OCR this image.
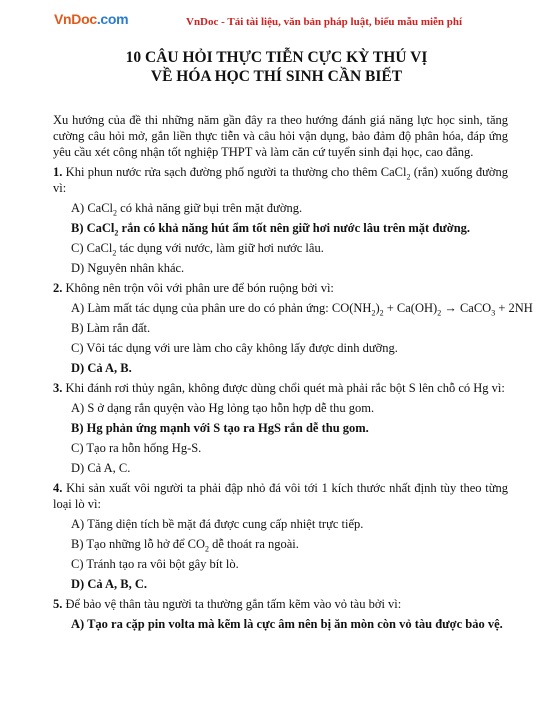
VnDoc.com	VnDoc - Tải tài liệu, văn bản pháp luật, biểu mẫu miễn phí
10 CÂU HỎI THỰC TIỄN CỰC KỲ THÚ VỊ
VỀ HÓA HỌC THÍ SINH CẦN BIẾT

Xu hướng của đề thi những năm gần đây ra theo hướng đánh giá năng lực học sinh, tăng cường câu hỏi mở, gắn liền thực tiễn và câu hỏi vận dụng, bảo đảm độ phân hóa, đáp ứng yêu cầu xét công nhận tốt nghiệp THPT và làm căn cứ tuyển sinh đại học, cao đẳng.

1. Khi phun nước rửa sạch đường phố người ta thường cho thêm CaCl$_2$ (rắn) xuống đường vì:

A) CaCl$_2$ có khả năng giữ bụi trên mặt đường.
B) CaCl$_2$ rắn có khả năng hút ẩm tốt nên giữ hơi nước lâu trên mặt đường.
C) CaCl$_2$ tác dụng với nước, làm giữ hơi nước lâu.
D) Nguyên nhân khác.

2. Không nên trộn vôi với phân ure để bón ruộng bởi vì:

A) Làm mất tác dụng của phân ure do có phản ứng: $CO(NH_2)_2 + Ca(OH)_2$ → CaCO$_3$ + 2NH
B) Làm rắn đất.
C) Vôi tác dụng với ure làm cho cây không lấy được dinh dưỡng.
D) Cả A, B.

3. Khi đánh rơi thủy ngân, không được dùng chổi quét mà phải rắc bột S lên chỗ có Hg vì:

A) S ở dạng rắn quyện vào Hg lỏng tạo hỗn hợp dễ thu gom.
B) Hg phản ứng mạnh với S tạo ra HgS rắn dễ thu gom.
C) Tạo ra hỗn hống Hg-S.
D) Cả A, C.

4. Khi sản xuất vôi người ta phải đập nhỏ đá vôi tới 1 kích thước nhất định tùy theo từng loại lò vì:

A) Tăng diện tích bề mặt đá được cung cấp nhiệt trực tiếp.
B) Tạo những lỗ hở để $CO_2$ dễ thoát ra ngoài.
C) Tránh tạo ra vôi bột gây bít lò.
D) Cả A, B, C.

5. Để bảo vệ thân tàu người ta thường gắn tấm kẽm vào vỏ tàu bởi vì:

A) Tạo ra cặp pin volta mà kẽm là cực âm nên bị ăn mòn còn vỏ tàu được bảo vệ.
